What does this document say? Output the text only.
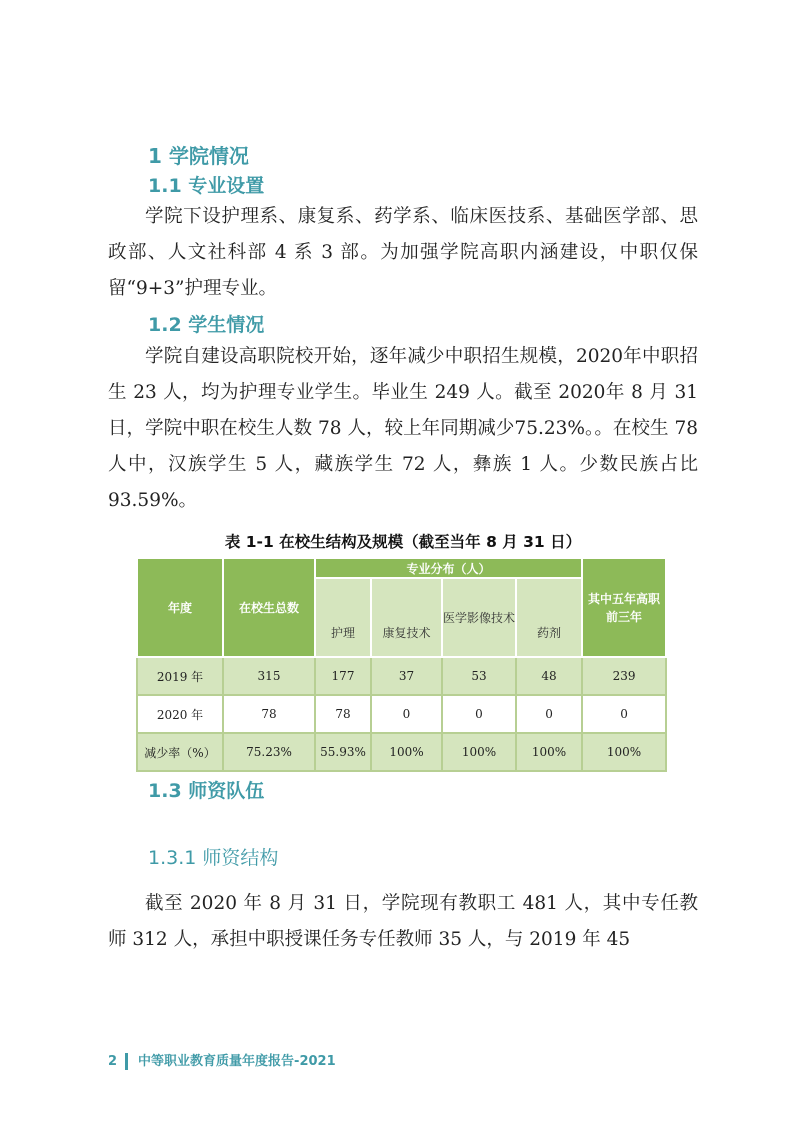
1 学院情况
1.1 专业设置

学院下设护理系、康复系、药学系、临床医技系、基础医学部、思政部、人文社科部 4 系 3 部。为加强学院高职内涵建设，中职仅保留“9+3”护理专业。

1.2 学生情况

学院自建设高职院校开始，逐年减少中职招生规模，2020年中职招生 23 人，均为护理专业学生。毕业生 249 人。截至 2020年 8 月 31 日，学院中职在校生人数 78 人，较上年同期减少75.23%。。在校生 78 人中，汉族学生 5 人，藏族学生 72 人，彝族 1 人。少数民族占比 93.59%。

表 1-1 在校生结构及规模（截至当年 8 月 31 日）
年度	在校生总数	专业分布（人）				其中五年高职前三年
		护理	康复技术	医学影像技术	药剂	
2019 年	315	177	37	53	48	239
2020 年	78	78	0	0	0	0
减少率（%）	75.23%	55.93%	100%	100%	100%	100%
1.3 师资队伍
1.3.1 师资结构

截至 2020 年 8 月 31 日，学院现有教职工 481 人，其中专任教师 312 人，承担中职授课任务专任教师 35 人，与 2019 年 45

2 中等职业教育质量年度报告-2021
